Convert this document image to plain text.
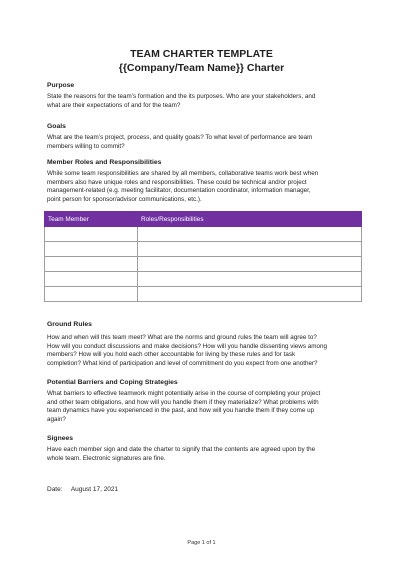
TEAM CHARTER TEMPLATE
{{Company/Team Name}} Charter
Purpose
State the reasons for the team’s formation and the its purposes. Who are your stakeholders, and
what are their expectations of and for the team?
Goals
What are the team’s project, process, and quality goals? To what level of performance are team
members willing to commit?
Member Roles and Responsibilities
While some team responsibilities are shared by all members, collaborative teams work best when
members also have unique roles and responsibilities. These could be technical and/or project
management-related (e.g. meeting facilitator, documentation coordinator, information manager,
point person for sponsor/advisor communications, etc.).
Team Member	Roles/Responsibilities

Ground Rules
How and when will this team meet? What are the norms and ground rules the team will agree to?
How will you conduct discussions and make decisions? How will you handle dissenting views among
members? How will you hold each other accountable for living by these rules and for task
completion? What kind of participation and level of commitment do you expect from one another?
Potential Barriers and Coping Strategies
What barriers to effective teamwork might potentially arise in the course of completing your project
and other team obligations, and how will you handle them if they materialize? What problems with
team dynamics have you experienced in the past, and how will you handle them if they come up
again?
Signees
Have each member sign and date the charter to signify that the contents are agreed upon by the
whole team. Electronic signatures are fine.
Date: August 17, 2021
Page 1 of 1
